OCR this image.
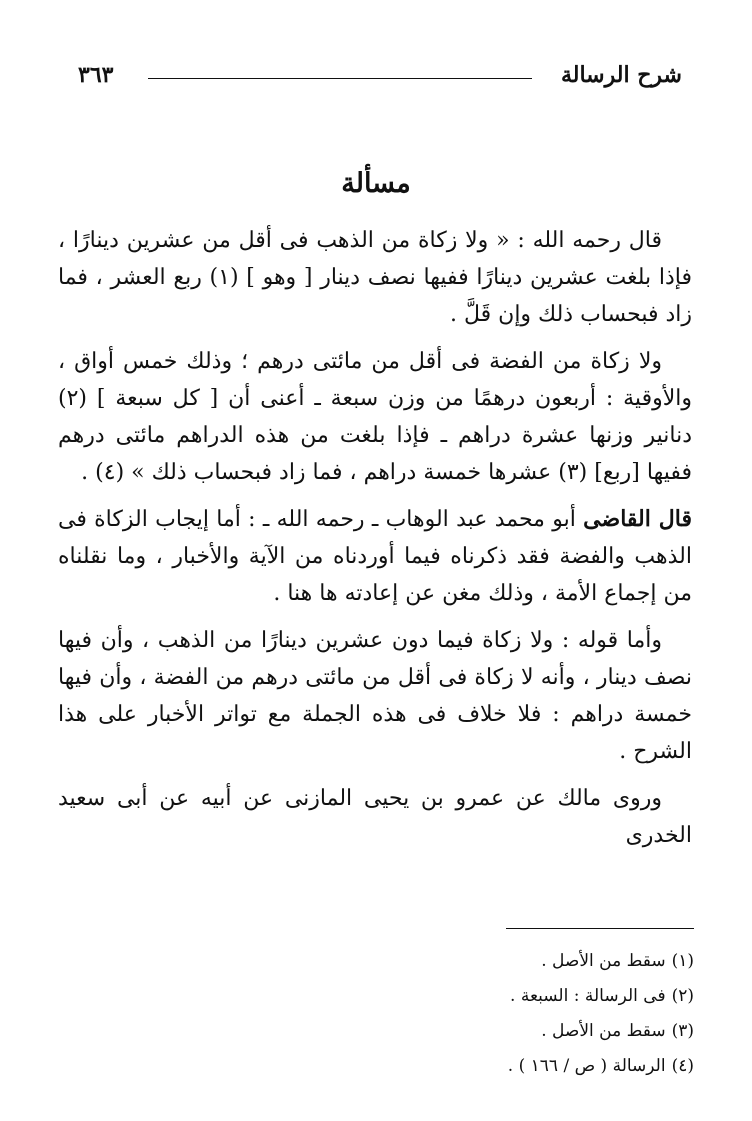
شرح الرسالة
٣٦٣
مسألة

قال رحمه الله : « ولا زكاة من الذهب فى أقل من عشرين دينارًا ، فإذا بلغت عشرين دينارًا ففيها نصف دينار [ وهو ] (١) ربع العشر ، فما زاد فبحساب ذلك وإن قَلَّ .

ولا زكاة من الفضة فى أقل من مائتى درهم ؛ وذلك خمس أواق ، والأوقية : أربعون درهمًا من وزن سبعة ـ أعنى أن [ كل سبعة ] (٢) دنانير وزنها عشرة دراهم ـ فإذا بلغت من هذه الدراهم مائتى درهم ففيها [ربع] (٣) عشرها خمسة دراهم ، فما زاد فبحساب ذلك » (٤) .

قال القاضى أبو محمد عبد الوهاب ـ رحمه الله ـ : أما إيجاب الزكاة فى الذهب والفضة فقد ذكرناه فيما أوردناه من الآية والأخبار ، وما نقلناه من إجماع الأمة ، وذلك مغن عن إعادته ها هنا .

وأما قوله : ولا زكاة فيما دون عشرين دينارًا من الذهب ، وأن فيها نصف دينار ، وأنه لا زكاة فى أقل من مائتى درهم من الفضة ، وأن فيها خمسة دراهم : فلا خلاف فى هذه الجملة مع تواتر الأخبار على هذا الشرح .

وروى مالك عن عمرو بن يحيى المازنى عن أبيه عن أبى سعيد الخدرى

(١)سقط من الأصل .
(٢)فى الرسالة : السبعة .
(٣)سقط من الأصل .
(٤)الرسالة ( ص / ١٦٦ ) .
